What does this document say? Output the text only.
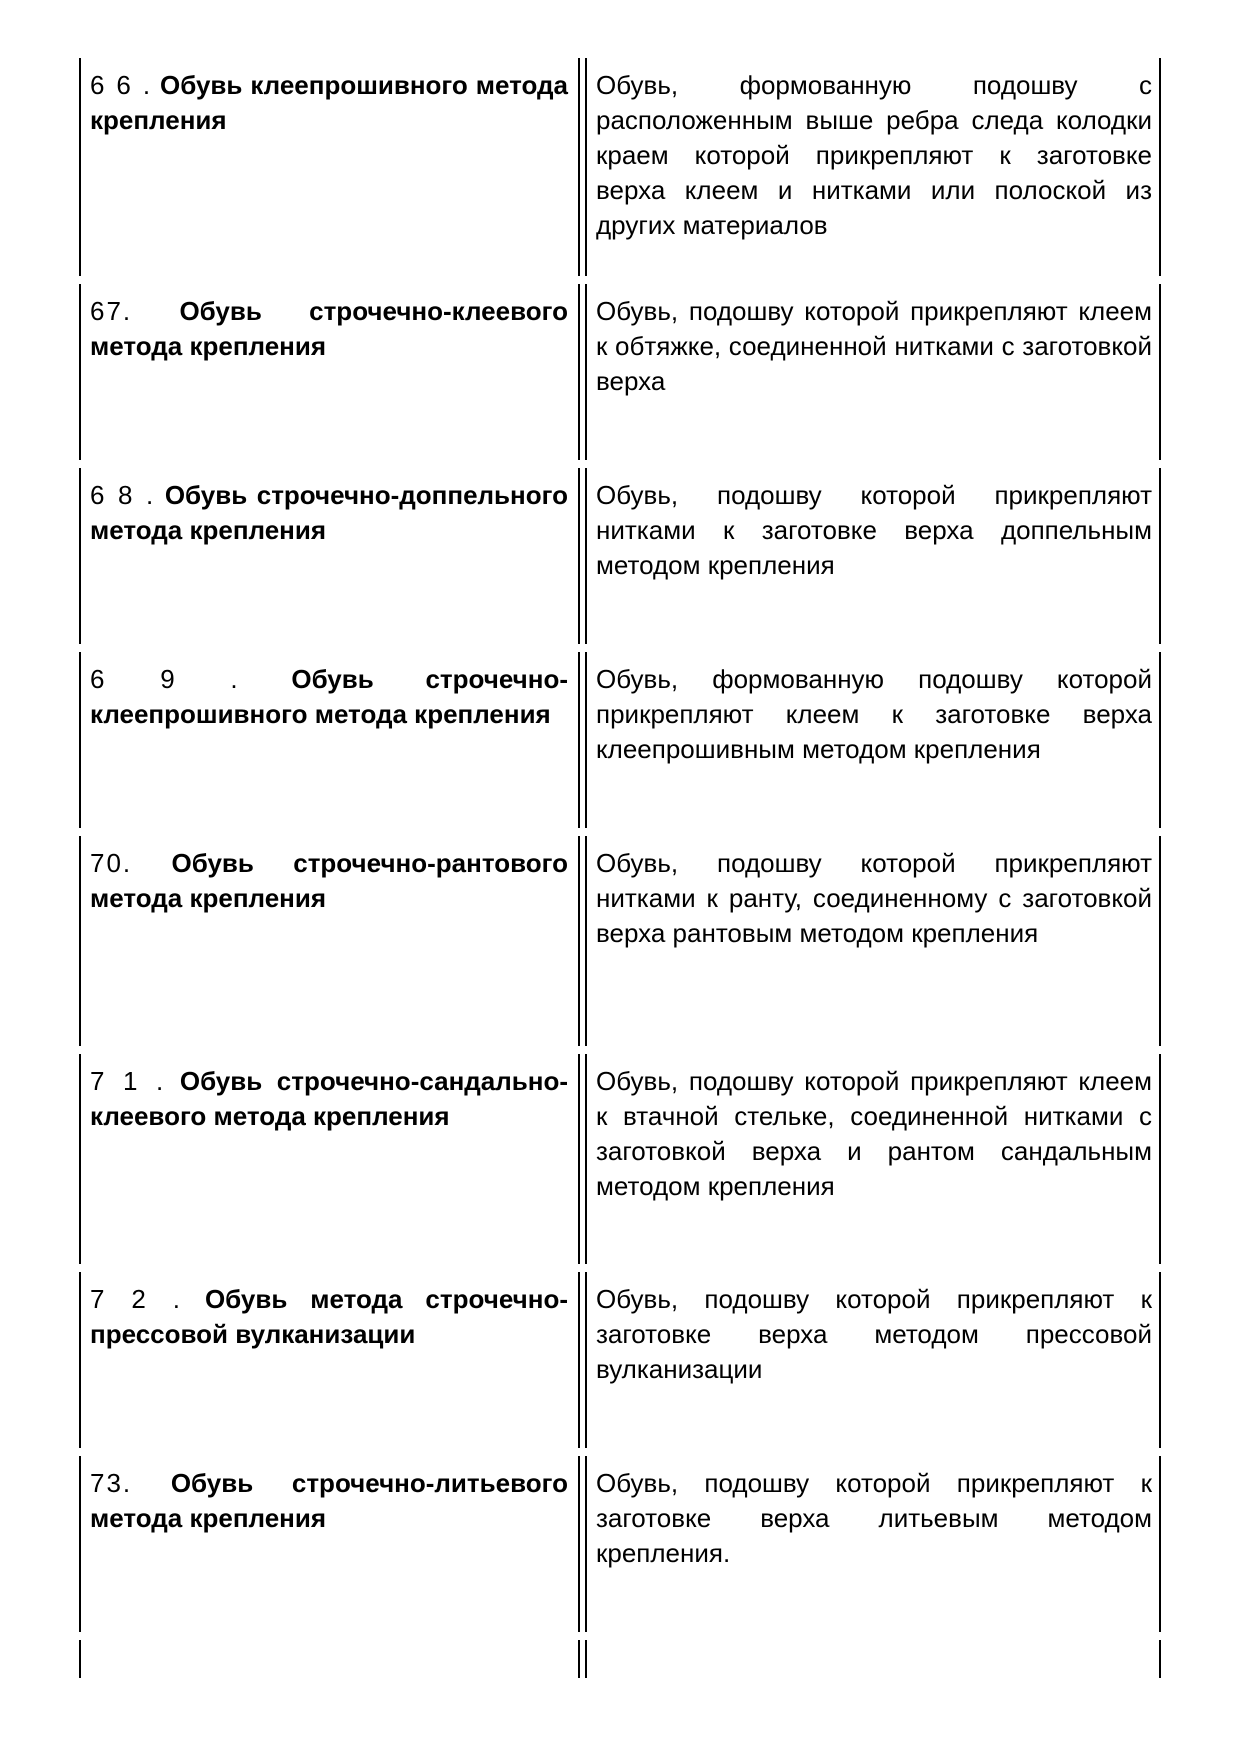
6 6 . Обувь клеепрошивного метода крепления
Обувь, формованную подошву с расположенным выше ребра следа колодки краем которой прикрепляют к заготовке верха клеем и нитками или полоской из других материалов
67. Обувь строчечно-клеевого метода крепления
Обувь, подошву которой прикрепляют клеем к обтяжке, соединенной нитками с заготовкой верха
6 8 . Обувь строчечно-доппельного метода крепления
Обувь, подошву которой прикрепляют нитками к заготовке верха доппельным методом крепления
6 9 . Обувь строчечно-клеепрошивного метода крепления
Обувь, формованную подошву которой прикрепляют клеем к заготовке верха клеепрошивным методом крепления
70. Обувь строчечно-рантового метода крепления
Обувь, подошву которой прикрепляют нитками к ранту, соединенному с заготовкой верха рантовым методом крепления
7 1 . Обувь строчечно-сандально-клеевого метода крепления
Обувь, подошву которой прикрепляют клеем к втачной стельке, соединенной нитками с заготовкой верха и рантом сандальным методом крепления
7 2 . Обувь метода строчечно-прессовой вулканизации
Обувь, подошву которой прикрепляют к заготовке верха методом прессовой вулканизации
73. Обувь строчечно-литьевого метода крепления
Обувь, подошву которой прикрепляют к заготовке верха литьевым методом крепления.
